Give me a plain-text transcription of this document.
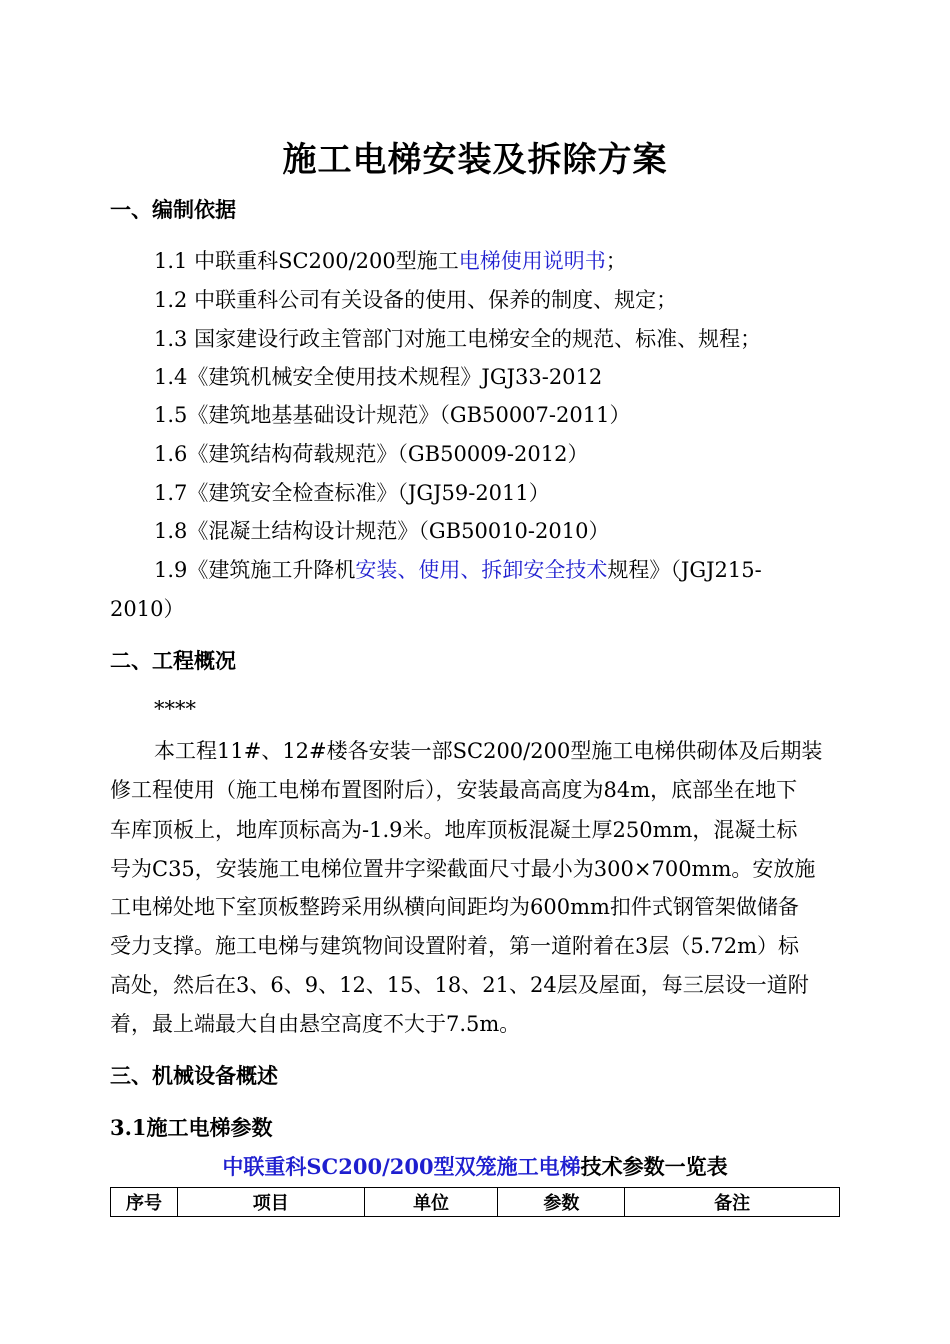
施工电梯安装及拆除方案
一、编制依据
1.1 中联重科SC200/200型施工电梯使用说明书；
1.2 中联重科公司有关设备的使用、保养的制度、规定；
1.3 国家建设行政主管部门对施工电梯安全的规范、标准、规程；
1.4《建筑机械安全使用技术规程》JGJ33-2012
1.5《建筑地基基础设计规范》（GB50007-2011）
1.6《建筑结构荷载规范》（GB50009-2012）
1.7《建筑安全检查标准》（JGJ59-2011）
1.8《混凝土结构设计规范》（GB50010-2010）
1.9《建筑施工升降机安装、使用、拆卸安全技术规程》（JGJ215-
2010）
二、工程概况
****
本工程11#、12#楼各安装一部SC200/200型施工电梯供砌体及后期装
修工程使用（施工电梯布置图附后），安装最高高度为84m，底部坐在地下
车库顶板上，地库顶标高为-1.9米。地库顶板混凝土厚250mm，混凝土标
号为C35，安装施工电梯位置井字梁截面尺寸最小为300×700mm。安放施
工电梯处地下室顶板整跨采用纵横向间距均为600mm扣件式钢管架做储备
受力支撑。施工电梯与建筑物间设置附着，第一道附着在3层（5.72m）标
高处，然后在3、6、9、12、15、18、21、24层及屋面，每三层设一道附
着，最上端最大自由悬空高度不大于7.5m。
三、机械设备概述
3.1施工电梯参数
中联重科SC200/200型双笼施工电梯技术参数一览表
序号	项目	单位	参数	备注
